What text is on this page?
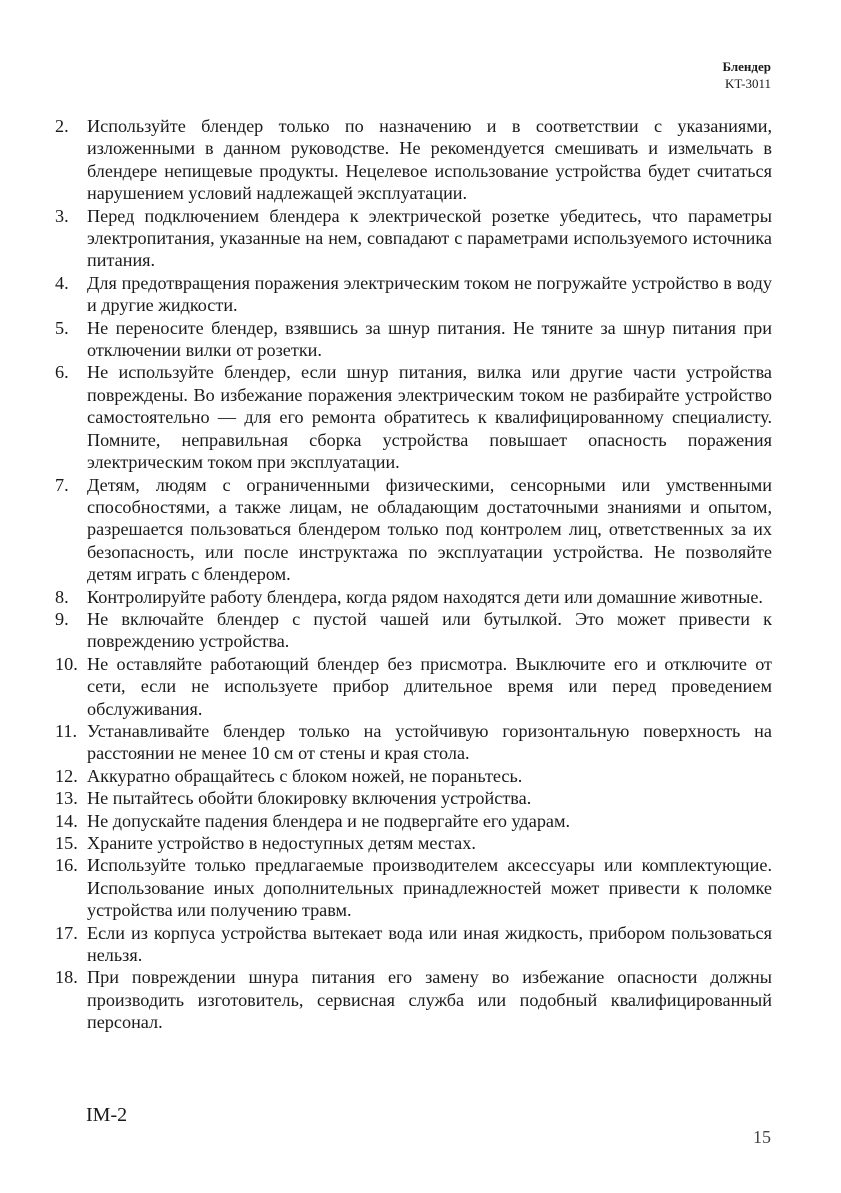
Блендер
KT-3011
2.	Используйте блендер только по назначению и в соответствии с указаниями, изложенными в данном руководстве. Не рекомендуется смешивать и измельчать в блендере непищевые продукты. Нецелевое использование устройства будет считаться нарушением условий надлежащей эксплуатации.
3.	Перед подключением блендера к электрической розетке убедитесь, что параметры электропитания, указанные на нем, совпадают с параметрами используемого источника питания.
4.	Для предотвращения поражения электрическим током не погружайте устройство в воду и другие жидкости.
5.	Не переносите блендер, взявшись за шнур питания. Не тяните за шнур питания при отключении вилки от розетки.
6.	Не используйте блендер, если шнур питания, вилка или другие части устройства повреждены. Во избежание поражения электрическим током не разбирайте устройство самостоятельно — для его ремонта обратитесь к квалифицированному специалисту. Помните, неправильная сборка устройства повышает опасность поражения электрическим током при эксплуатации.
7.	Детям, людям с ограниченными физическими, сенсорными или умственными способностями, а также лицам, не обладающим достаточными знаниями и опытом, разрешается пользоваться блендером только под контролем лиц, ответственных за их безопасность, или после инструктажа по эксплуатации устройства. Не позволяйте детям играть с блендером.
8.	Контролируйте работу блендера, когда рядом находятся дети или домашние животные.
9.	Не включайте блендер с пустой чашей или бутылкой. Это может привести к повреждению устройства.
10. Не оставляйте работающий блендер без присмотра. Выключите его и отключите от сети, если не используете прибор длительное время или перед проведением обслуживания.
11. Устанавливайте блендер только на устойчивую горизонтальную поверхность на расстоянии не менее 10 см от стены и края стола.
12. Аккуратно обращайтесь с блоком ножей, не пораньтесь.
13. Не пытайтесь обойти блокировку включения устройства.
14. Не допускайте падения блендера и не подвергайте его ударам.
15. Храните устройство в недоступных детям местах.
16. Используйте только предлагаемые производителем аксессуары или комплектующие. Использование иных дополнительных принадлежностей может привести к поломке устройства или получению травм.
17. Если из корпуса устройства вытекает вода или иная жидкость, прибором пользоваться нельзя.
18. При повреждении шнура питания его замену во избежание опасности должны производить изготовитель, сервисная служба или подобный квалифицированный персонал.
IM-2
15
